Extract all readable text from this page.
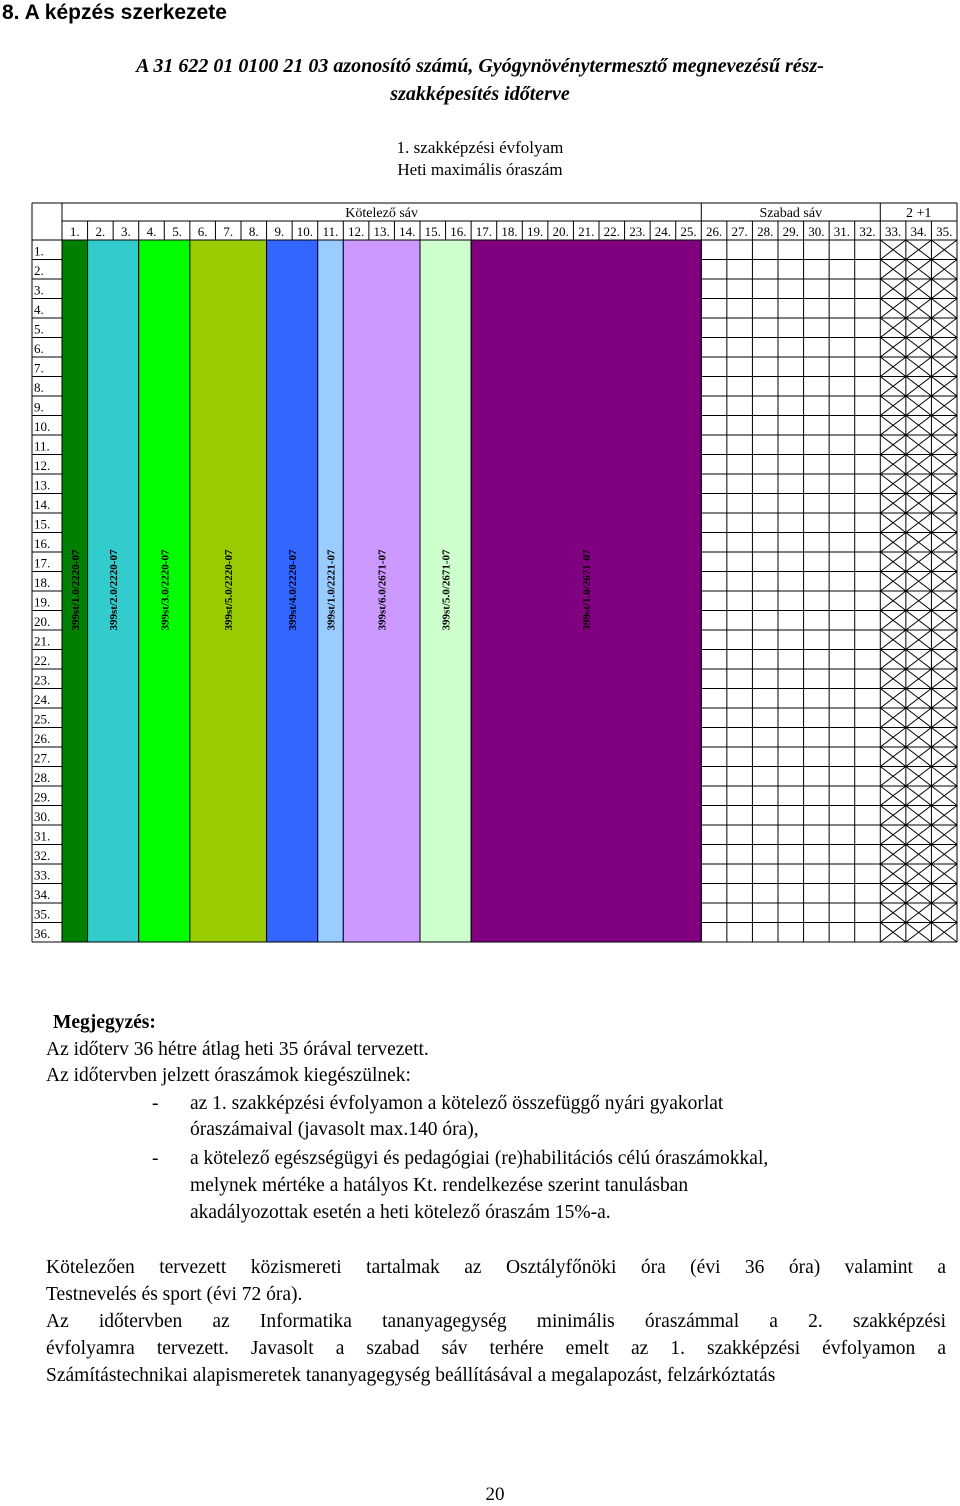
8. A képzés szerkezete
A 31 622 01 0100 21 03 azonosító számú, Gyógynövénytermesztő megnevezésű rész-
szakképesítés időterve
1. szakképzési évfolyam
Heti maximális óraszám
399st/1.0/2220-07 399st/2.0/2220-07	399st/3.0/2220-07	399st/5.0/2220-07	399st/4.0/2220-07 399st/1.0/2221-07	399st/6.0/2671-07	399st/5.0/2671-07	399st/1.0/2671-07
1. 2. 3. 4. 5. 6. 7. 8. 9. 10. 11. 12. 13. 14. 15. 16. 17. 18. 19. 20. 21. 22. 23. 24. 25. 26. 27. 28. 29. 30. 31. 32. 33. 34. 35.
Kötelező sáv	Szabad sáv	2 +1
1.
2.
3.
4.
5.
6.
7.
8.
9.
10.
11.
12.
13.
14.
15.
16.
17.
18.
19.
20.
21.
22.
23.
24.
25.
26.
27.
28.
29.
30.
31.
32.
33.
34.
35.
36.
Megjegyzés:
Az időterv 36 hétre átlag heti 35 órával tervezett.
Az időtervben jelzett óraszámok kiegészülnek:
- az 1. szakképzési évfolyamon a kötelező összefüggő nyári gyakorlat
óraszámaival (javasolt max.140 óra),
- a kötelező egészségügyi és pedagógiai (re)habilitációs célú óraszámokkal,
melynek mértéke a hatályos Kt. rendelkezése szerint tanulásban
akadályozottak esetén a heti kötelező óraszám 15%-a.
Kötelezően tervezett közismereti tartalmak az Osztályfőnöki óra (évi 36 óra) valamint a
Testnevelés és sport (évi 72 óra).
Az időtervben az Informatika tananyagegység minimális óraszámmal a 2. szakképzési
évfolyamra tervezett. Javasolt a szabad sáv terhére emelt az 1. szakképzési évfolyamon a
Számítástechnikai alapismeretek tananyagegység beállításával a megalapozást, felzárkóztatás
20
